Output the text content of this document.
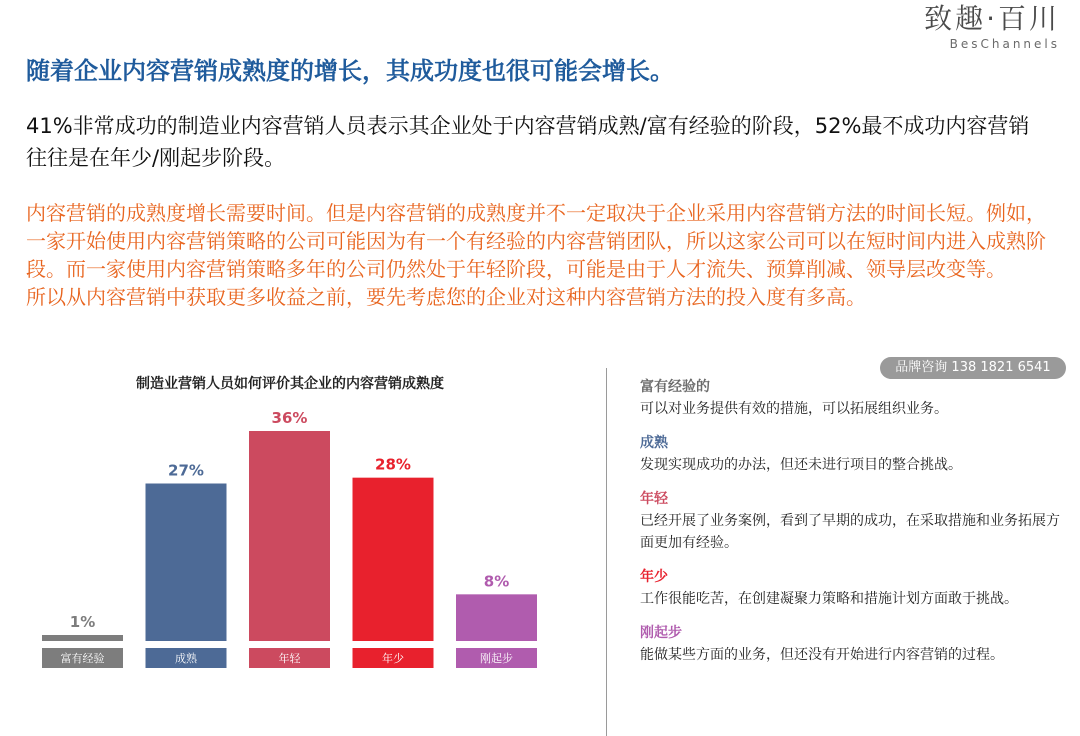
致趣·百川
BesChannels
随着企业内容营销成熟度的增长，其成功度也很可能会增长。
41%非常成功的制造业内容营销人员表示其企业处于内容营销成熟/富有经验的阶段，52%最不成功内容营销往往是在年少/刚起步阶段。

内容营销的成熟度增长需要时间。但是内容营销的成熟度并不一定取决于企业采用内容营销方法的时间长短。例如，一家开始使用内容营销策略的公司可能因为有一个有经验的内容营销团队，所以这家公司可以在短时间内进入成熟阶段。而一家使用内容营销策略多年的公司仍然处于年轻阶段，可能是由于人才流失、预算削减、领导层改变等。

所以从内容营销中获取更多收益之前，要先考虑您的企业对这种内容营销方法的投入度有多高。

品牌咨询 138 1821 6541
制造业营销人员如何评价其企业的内容营销成熟度
1%
富有经验
27%
成熟
36%
年轻
28%
年少
8%
刚起步
富有经验的
可以对业务提供有效的措施，可以拓展组织业务。
成熟
发现实现成功的办法，但还未进行项目的整合挑战。
年轻
已经开展了业务案例，看到了早期的成功，在采取措施和业务拓展方面更加有经验。
年少
工作很能吃苦，在创建凝聚力策略和措施计划方面敢于挑战。
刚起步
能做某些方面的业务，但还没有开始进行内容营销的过程。
